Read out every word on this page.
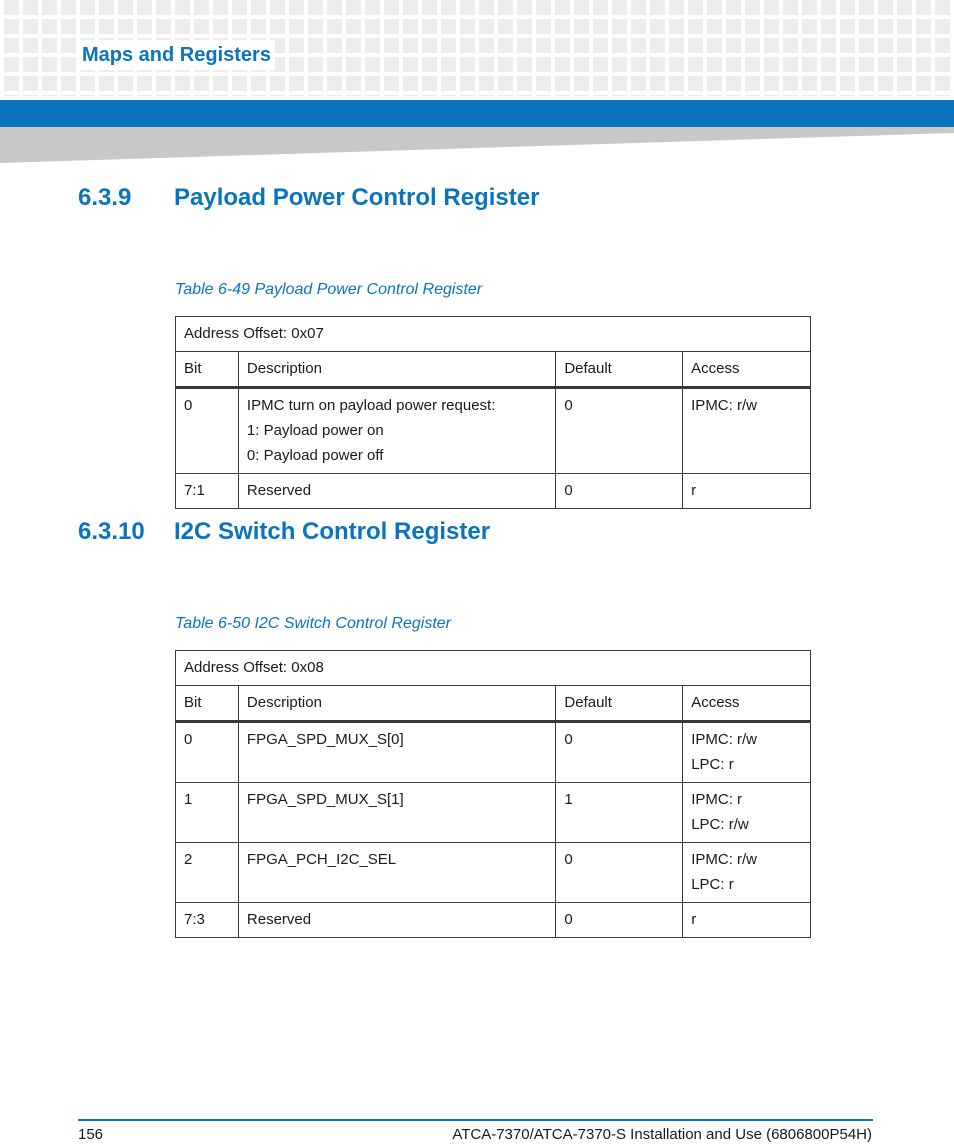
Maps and Registers
6.3.9 Payload Power Control Register
Table 6-49 Payload Power Control Register
Address Offset: 0x07			
Bit	Description	Default	Access
0	IPMC turn on payload power request:
1: Payload power on
0: Payload power off	0	IPMC: r/w

7:1	Reserved	0	r
6.3.10 I2C Switch Control Register
Table 6-50 I2C Switch Control Register
Address Offset: 0x08			
Bit	Description	Default	Access
0	FPGA_SPD_MUX_S[0]	0	IPMC: r/w
LPC: r

1	FPGA_SPD_MUX_S[1]	1	IPMC: r
LPC: r/w

2	FPGA_PCH_I2C_SEL	0	IPMC: r/w
LPC: r

7:3	Reserved	0	r
156	ATCA-7370/ATCA-7370-S Installation and Use (6806800P54H)
